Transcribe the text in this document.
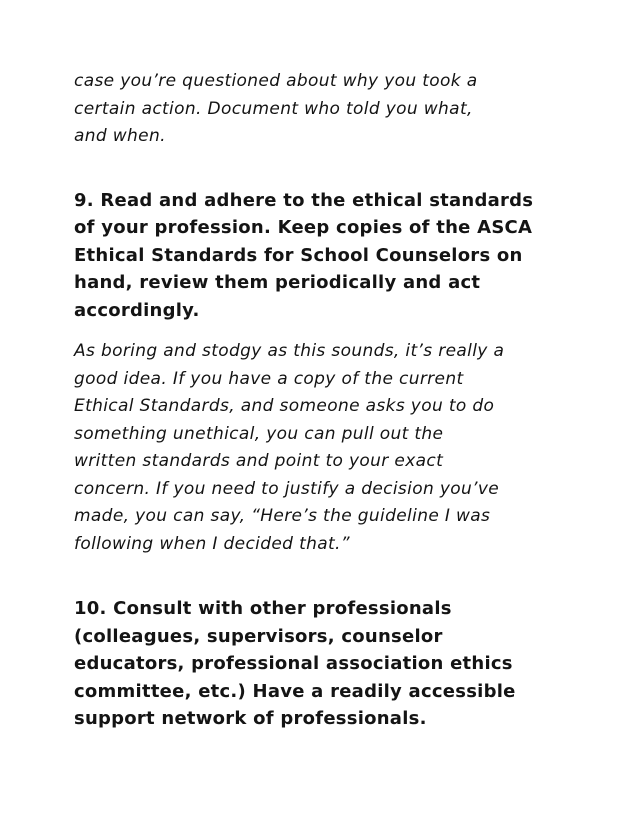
case you’re questioned about why you took a
certain action. Document who told you what,
and when.

9. Read and adhere to the ethical standards
of your profession. Keep copies of the ASCA
Ethical Standards for School Counselors on
hand, review them periodically and act
accordingly.

As boring and stodgy as this sounds, it’s really a
good idea. If you have a copy of the current
Ethical Standards, and someone asks you to do
something unethical, you can pull out the
written standards and point to your exact
concern. If you need to justify a decision you’ve
made, you can say, “Here’s the guideline I was
following when I decided that.”

10. Consult with other professionals
(colleagues, supervisors, counselor
educators, professional association ethics
committee, etc.) Have a readily accessible
support network of professionals.
